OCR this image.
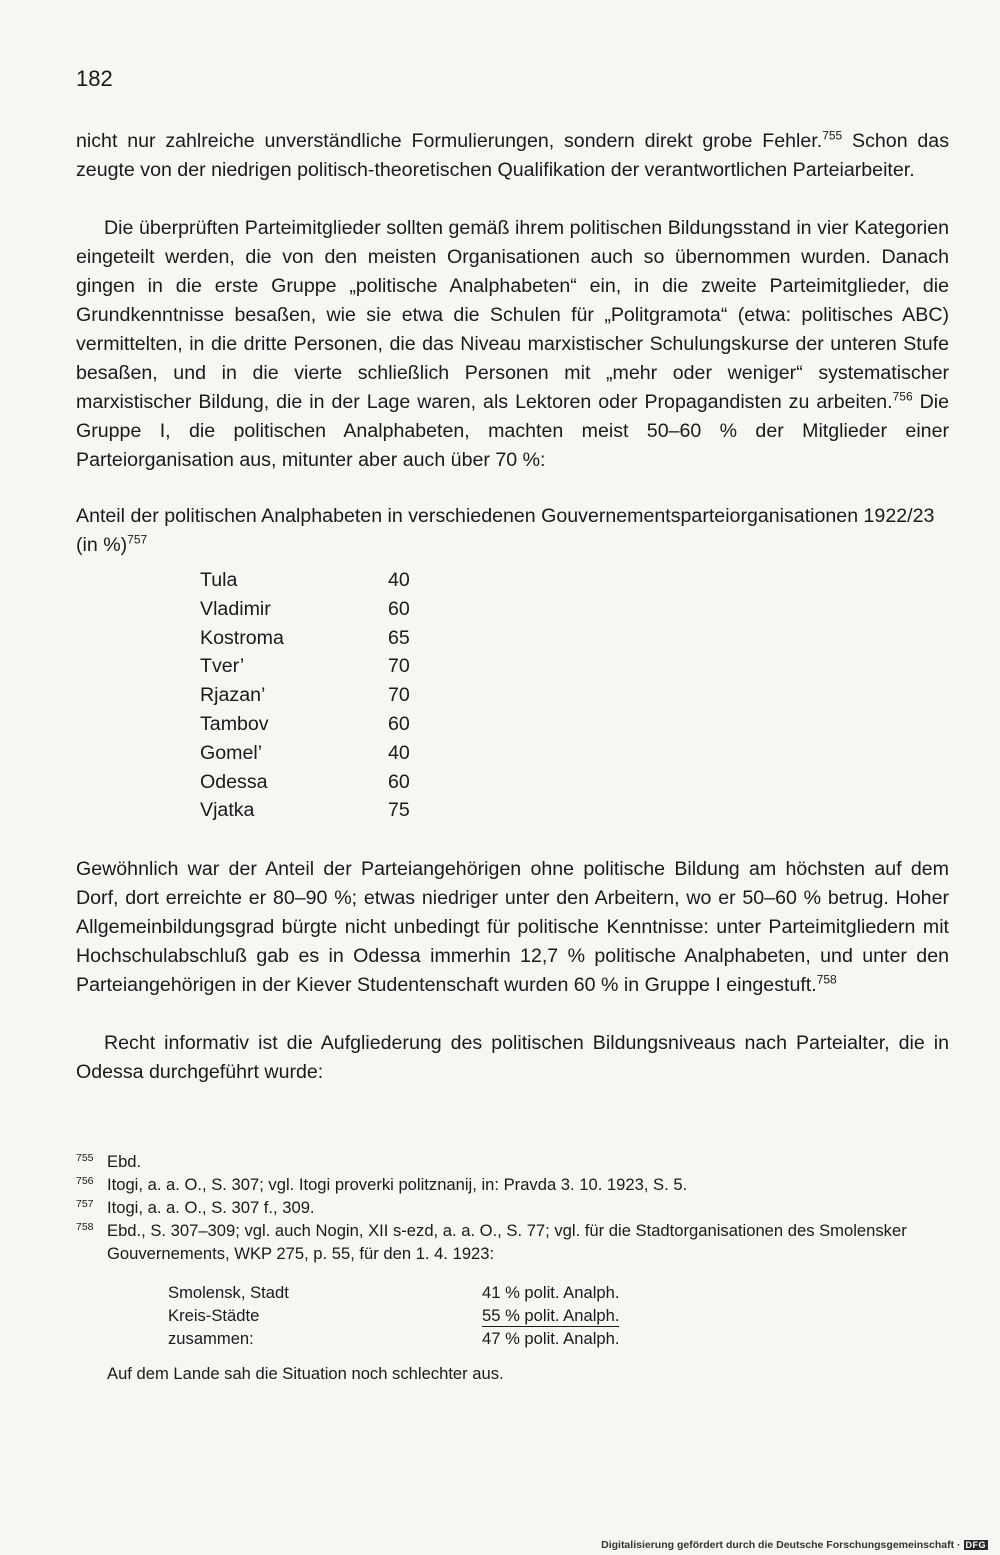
182

nicht nur zahlreiche unverständliche Formulierungen, sondern direkt grobe Fehler.$^{755}$ Schon das zeugte von der niedrigen politisch-theoretischen Qualifikation der verantwortlichen Parteiarbeiter.

Die überprüften Parteimitglieder sollten gemäß ihrem politischen Bildungsstand in vier Kategorien eingeteilt werden, die von den meisten Organisationen auch so übernommen wurden. Danach gingen in die erste Gruppe „politische Analphabeten“ ein, in die zweite Parteimitglieder, die Grundkenntnisse besaßen, wie sie etwa die Schulen für „Politgramota“ (etwa: politisches ABC) vermittelten, in die dritte Personen, die das Niveau marxistischer Schulungskurse der unteren Stufe besaßen, und in die vierte schließlich Personen mit „mehr oder weniger“ systematischer marxistischer Bildung, die in der Lage waren, als Lektoren oder Propagandisten zu arbeiten.$^{756}$ Die Gruppe I, die politischen Analphabeten, machten meist 50–60 % der Mitglieder einer Parteiorganisation aus, mitunter aber auch über 70 %:

Anteil der politischen Analphabeten in verschiedenen Gouvernementsparteiorganisationen 1922/23 (in %)$^{757}$

Tula	40
Vladimir	60
Kostroma	65
Tver’	70
Rjazan’	70
Tambov	60
Gomel’	40
Odessa	60
Vjatka	75

Gewöhnlich war der Anteil der Parteiangehörigen ohne politische Bildung am höchsten auf dem Dorf, dort erreichte er 80–90 %; etwas niedriger unter den Arbeitern, wo er 50–60 % betrug. Hoher Allgemeinbildungsgrad bürgte nicht unbedingt für politische Kenntnisse: unter Parteimitgliedern mit Hochschulabschluß gab es in Odessa immerhin 12,7 % politische Analphabeten, und unter den Parteiangehörigen in der Kiever Studentenschaft wurden 60 % in Gruppe I eingestuft.$^{758}$

Recht informativ ist die Aufgliederung des politischen Bildungsniveaus nach Parteialter, die in Odessa durchgeführt wurde:

755 Ebd.

756 Itogi, a. a. O., S. 307; vgl. Itogi proverki politznanij, in: Pravda 3. 10. 1923, S. 5.

757 Itogi, a. a. O., S. 307 f., 309.

758 Ebd., S. 307–309; vgl. auch Nogin, XII s-ezd, a. a. O., S. 77; vgl. für die Stadtorganisationen des Smolensker Gouvernements, WKP 275, p. 55, für den 1. 4. 1923:

Smolensk, Stadt	41 % polit. Analph.
Kreis-Städte	55 % polit. Analph.
zusammen:	47 % polit. Analph.

Auf dem Lande sah die Situation noch schlechter aus.

Digitalisierung gefördert durch die Deutsche Forschungsgemeinschaft · DFG
